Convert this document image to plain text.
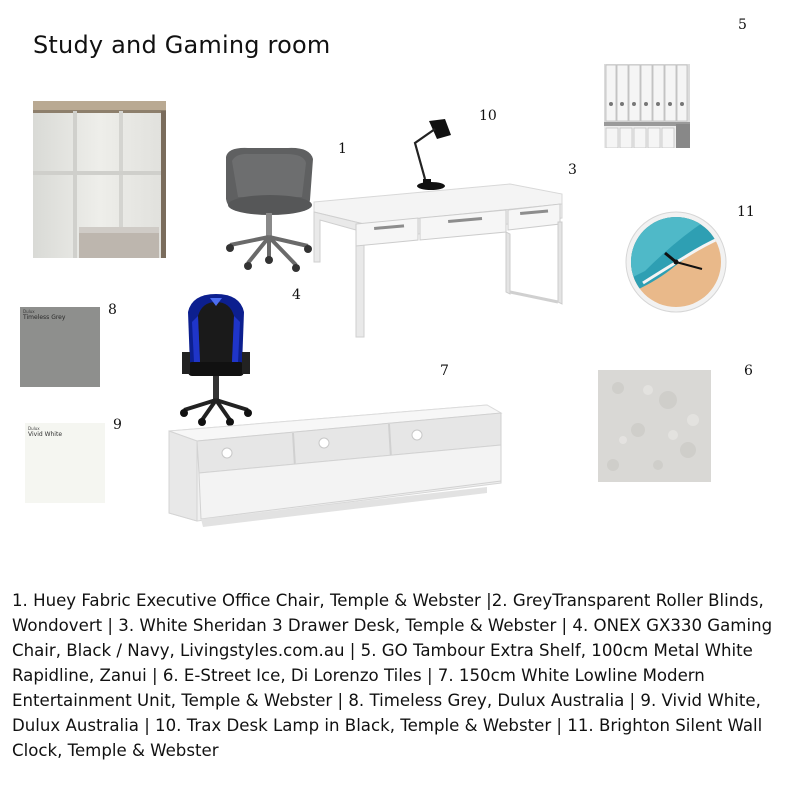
Study and Gaming room
1
3
4
5
6
7
8
9
10
11
Dulux
Timeless Grey
Dulux
Vivid White
1. Huey Fabric Executive Office Chair, Temple & Webster |2. GreyTransparent Roller Blinds, Wondovert | 3. White Sheridan 3 Drawer Desk, Temple & Webster | 4. ONEX GX330 Gaming Chair, Black / Navy, Livingstyles.com.au | 5. GO Tambour Extra Shelf, 100cm Metal White Rapidline, Zanui | 6. E-Street Ice, Di Lorenzo Tiles | 7. 150cm White Lowline Modern Entertainment Unit, Temple & Webster | 8. Timeless Grey, Dulux Australia | 9. Vivid White, Dulux Australia | 10. Trax Desk Lamp in Black, Temple & Webster | 11. Brighton Silent Wall Clock, Temple & Webster
